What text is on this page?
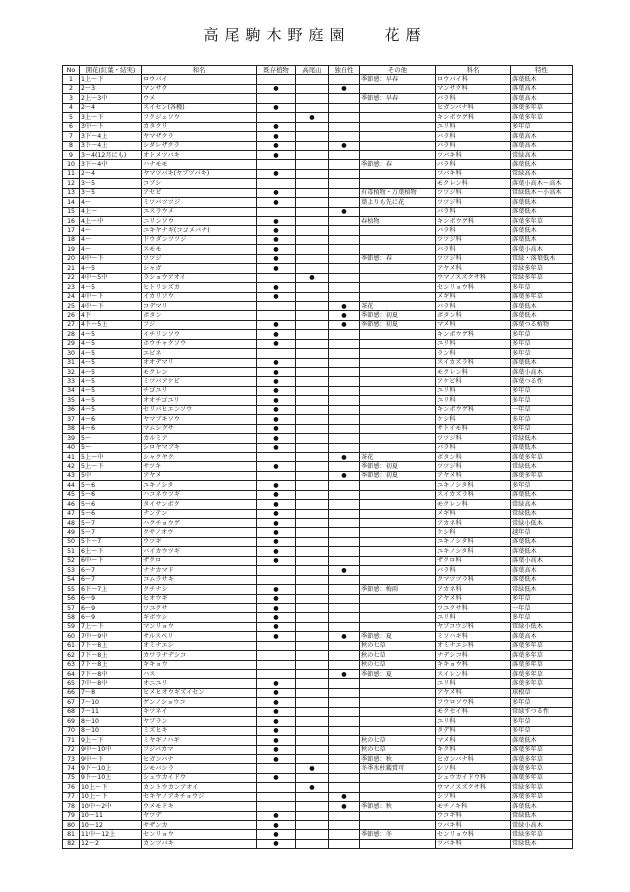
高尾駒木野庭園 花暦
No	開花(紅葉・結実)	和名	既存植物	高尾山	独自性	その他	科名	特性
1	1上～下	ロウバイ				季節感：早春	ロウバイ科	落葉低木
2	2～3	マンサク	●		●		マンサク科	落葉高木
3	2上～3中	ウメ				季節感：早春	バラ科	落葉高木
4	2～4	スイセン(各種)	●				ヒガンバナ科	落葉多年草
5	3上～下	フクジュソウ		●			キンポウゲ科	落葉多年草
6	3中～下	カタクリ	●				ユリ科	多年草
7	3下～4上	ヤマザクラ	●				バラ科	落葉高木
8	3下～4上	シダレザクラ	●		●		バラ科	落葉高木
9	3～4(12月にも)	オトメツバキ	●				ツバキ科	常緑高木
10	3下～4中	ハナモモ				季節感：春	バラ科	落葉低木
11	2～4	ヤマツバキ(ヤブツバキ)	●				ツバキ科	常緑高木
12	3～5	コブシ					モクレン科	落葉小高木～高木
13	3～5	アセビ	●			有毒植物・万葉植物	ツツジ科	常緑低木～小高木
14	4～	ミツバツツジ	●			葉よりも先に花	ツツジ科	落葉低木
15	4上～	ユスラウメ			●		バラ科	落葉低木
16	4上～中	ニリンソウ	●			春植物	キンポウゲ科	落葉多年草
17	4～	ユキヤナギ(コゴメバナ)	●				バラ科	落葉低木
18	4～	ドウダンツツジ	●				ツツジ科	落葉低木
19	4～	スモモ	●				バラ科	落葉小高木
20	4中～下	ツツジ	●			季節感：春	ツツジ科	常緑・落葉低木
21	4～5	シャガ	●				アヤメ科	常緑多年草
22	4中～5中	ラショウアオイ		●			ウマノスズクサ科	常緑多年草
23	4～5	ヒトリシズカ	●				センリョウ科	多年草
24	4中～下	イカリソウ	●				メギ科	落葉多年草
25	4中～下	コデマリ			●	茶花	バラ科	落葉低木
26	4下	ボタン			●	季節感：初夏	ボタン科	落葉低木
27	4下～5上	フジ	●		●	季節感：初夏	マメ科	落葉つる植物
28	4～5	イチリンソウ	●				キンポウゲ科	多年草
29	4～5	ホウチャクソウ	●				ユリ科	多年草
30	4～5	エビネ					ラン科	多年草
31	4～5	オオデマリ	●				スイカズラ科	落葉低木
32	4～5	モクレン	●				モクレン科	落葉小高木
33	4～5	ミツバアケビ	●				アケビ科	落葉つる性
34	4～5	チゴユリ	●				ユリ科	多年草
35	4～5	オオチゴユリ	●				ユリ科	多年草
36	4～5	セリバヒエンソウ	●				キンポウゲ科	一年草
37	4～6	ヤマブキソウ	●				ケシ科	多年草
38	4～6	マムシグサ	●				サトイモ科	多年草
39	5～	カルミア	●				ツツジ科	常緑低木
40	5～	シロヤマブキ	●				バラ科	落葉低木
41	5上～中	シャクヤク			●	茶花	ボタン科	落葉多年草
42	5上～下	サツキ	●			季節感：初夏	ツツジ科	常緑低木
43	5中	アヤメ			●	季節感：初夏	アヤメ科	落葉多年草
44	5～6	ユキノシタ	●				ユキノシタ科	多年草
45	5～6	ハコネウツギ	●				スイカズラ科	落葉低木
46	5～6	タイサンボク	●				モクレン科	常緑高木
47	5～6	ナンテン	●				メギ科	常緑低木
48	5～7	ハクチョウゲ	●				アカネ科	常緑小低木
49	5～7	クサノオウ	●				ケシ科	越年草
50	5下～7	ウツギ	●				ユキノシタ科	落葉低木
51	6上～下	バイカウツギ	●				ユキノシタ科	落葉低木
52	6中～下	ザクロ	●				ザクロ科	落葉小高木
53	6～7	ナナカマド			●		バラ科	落葉高木
54	6～7	コムラサキ					クマツヅラ科	落葉低木
55	6下～7上	クチナシ	●			季節感：梅雨	アカネ科	常緑低木
56	6～9	ヒオウギ	●				アヤメ科	多年草
57	6～9	ツユクサ	●				ツユクサ科	一年草
58	6～9	ギボウシ	●				ユリ科	多年草
59	7上～下	マンリョウ	●				ヤブコウジ科	常緑小低木
60	7中～9中	サルスベリ	●		●	季節感：夏	ミソハギ科	落葉高木
61	7下～8上	オミナエシ				秋の七草	オミナエシ科	落葉多年草
62	7下～8上	カワラナデシコ				秋の七草	ナデシコ科	落葉多年草
63	7下～8上	キキョウ				秋の七草	キキョウ科	落葉多年草
64	7下～8中	ハス			●	季節感：夏	スイレン科	落葉多年草
65	7中～8中	オニユリ	●				ユリ科	落葉多年草
66	7～8	ヒメヒオウギズイセン	●				アヤメ科	球根草
67	7～10	ゲンノショウコ	●				フウロソウ科	多年草
68	7～11	キツネイ	●				モクセイ科	常緑すつる性
69	8～10	ヤブラン	●				ユリ科	多年草
70	8～10	ミズヒキ	●				タデ科	多年草
71	9上～下	ミヤギノハギ	●			秋の七草	マメ科	落葉低木
72	9中～10中	フジバカマ	●			秋の七草	キク科	落葉多年草
73	9中～下	ヒガンバナ	●			季節感：秋	ヒガンバナ科	落葉多年草
74	9下～10上	シモバシラ		●		冬季氷柱鑑賞可	シソ科	落葉多年草
75	9下～10上	シュウカイドウ	●				シュウカイドウ科	落葉多年草
76	10上～下	カントウカンアオイ		●			ウマノスズクサ科	常緑多年草
77	10上～下	セキヤノアキチョウジ			●		シソ科	落葉多年草
78	10中～2中	ウメモドキ			●	季節感：秋	モチノキ科	落葉低木
79	10～11	ヤツデ	●				ウコギ科	常緑低木
80	10～12	サザンカ	●				ツバキ科	常緑小高木
81	11中～12上	センリョウ	●			季節感：冬	センリョウ科	常緑多年草
82	12～2	カンツバキ	●				ツバキ科	常緑低木
